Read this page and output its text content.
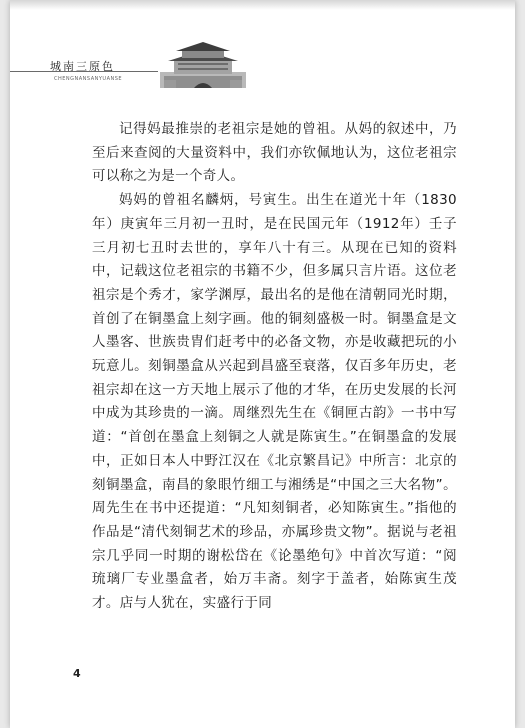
城南三原色
CHENGNANSANYUANSE

记得妈最推崇的老祖宗是她的曾祖。从妈的叙述中，乃至后来查阅的大量资料中，我们亦钦佩地认为，这位老祖宗可以称之为是一个奇人。

妈妈的曾祖名麟炳，号寅生。出生在道光十年（1830年）庚寅年三月初一丑时，是在民国元年（1912年）壬子三月初七丑时去世的，享年八十有三。从现在已知的资料中，记载这位老祖宗的书籍不少，但多属只言片语。这位老祖宗是个秀才，家学渊厚，最出名的是他在清朝同光时期，首创了在铜墨盒上刻字画。他的铜刻盛极一时。铜墨盒是文人墨客、世族贵胄们赶考中的必备文物，亦是收藏把玩的小玩意儿。刻铜墨盒从兴起到昌盛至衰落，仅百多年历史，老祖宗却在这一方天地上展示了他的才华，在历史发展的长河中成为其珍贵的一滴。周继烈先生在《铜匣古韵》一书中写道：“首创在墨盒上刻铜之人就是陈寅生。”在铜墨盒的发展中，正如日本人中野江汉在《北京繁昌记》中所言：北京的刻铜墨盒，南昌的象眼竹细工与湘绣是“中国之三大名物”。周先生在书中还提道：“凡知刻铜者，必知陈寅生。”指他的作品是“清代刻铜艺术的珍品，亦属珍贵文物”。据说与老祖宗几乎同一时期的谢松岱在《论墨绝句》中首次写道：“阅琉璃厂专业墨盒者，始万丰斋。刻字于盖者，始陈寅生茂才。店与人犹在，实盛行于同

4
